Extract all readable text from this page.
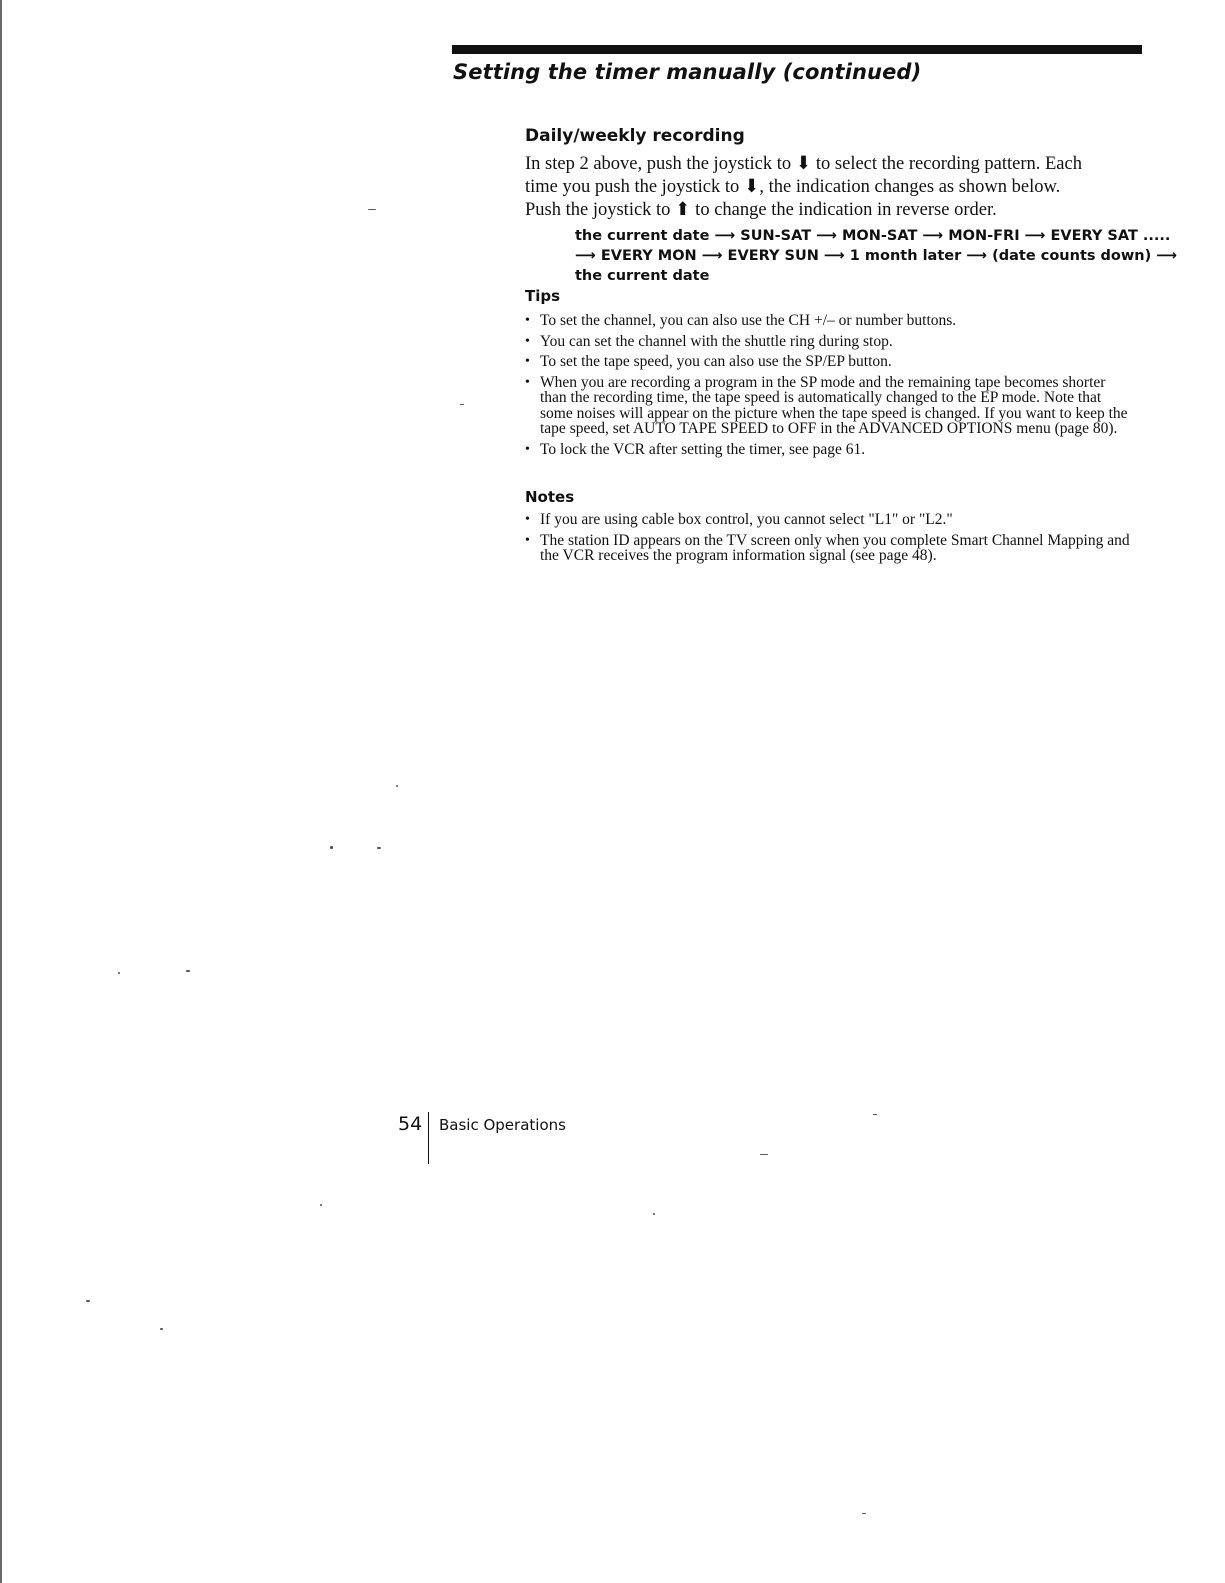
Setting the timer manually (continued)
Daily/weekly recording

In step 2 above, push the joystick to ⬇ to select the recording pattern. Each

time you push the joystick to ⬇, the indication changes as shown below.

Push the joystick to ⬆ to change the indication in reverse order.

the current date ⟶ SUN-SAT ⟶ MON-SAT ⟶ MON-FRI ⟶ EVERY SAT .....

⟶ EVERY MON ⟶ EVERY SUN ⟶ 1 month later ⟶ (date counts down) ⟶

the current date

Tips
• To set the channel, you can also use the CH +/– or number buttons.
• You can set the channel with the shuttle ring during stop.
• To set the tape speed, you can also use the SP/EP button.
• When you are recording a program in the SP mode and the remaining tape becomes shorter than the recording time, the tape speed is automatically changed to the EP mode. Note that some noises will appear on the picture when the tape speed is changed. If you want to keep the tape speed, set AUTO TAPE SPEED to OFF in the ADVANCED OPTIONS menu (page 80).
• To lock the VCR after setting the timer, see page 61.
Notes
• If you are using cable box control, you cannot select "L1" or "L2."
• The station ID appears on the TV screen only when you complete Smart Channel Mapping and the VCR receives the program information signal (see page 48).
54 Basic Operations
